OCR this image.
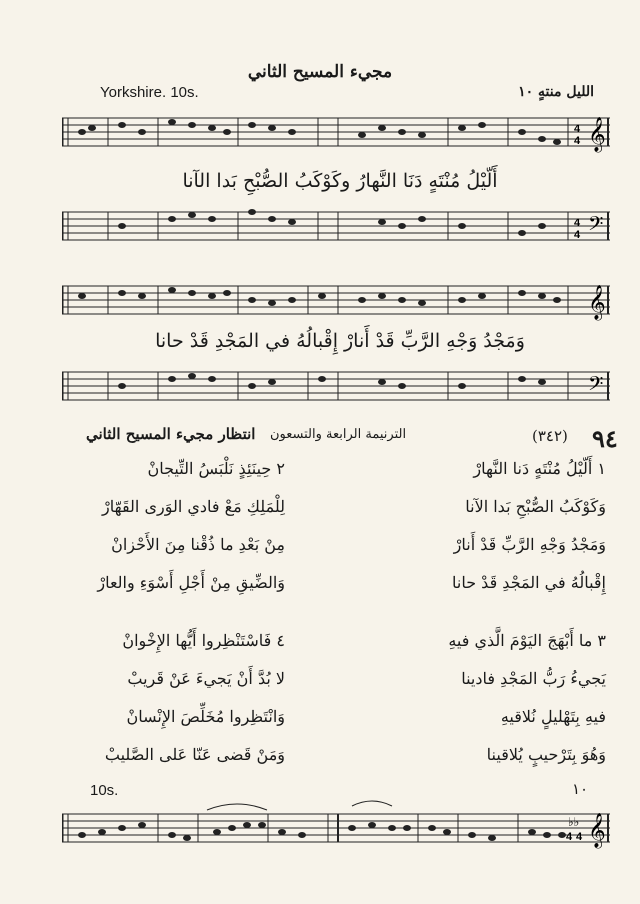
مجيء المسيح الثاني
Yorkshire. 10s.	الليل منتهٍ ١٠
𝄞
4
4
𝄢
4
4
أَلّيْلُ مُنْتَهٍ دَنَا النَّهارُ وكَوْكَبُ الصُّبْحِ بَدا الآنا
𝄞
𝄢
وَمَجْدُ وَجْهِ الرَّبِّ قَدْ أَنارْ إِقْبالُهُ في المَجْدِ قَدْ حانا
٩٤
(٣٤٢)
الترنيمة الرابعة والتسعون
انتظار مجيء المسيح الثاني
١ أَلّيْلُ مُنْتَهٍ دَنا النَّهارْ
وَكَوْكَبُ الصُّبْحِ بَدا الآنا
وَمَجْدُ وَجْهِ الرَّبِّ قَدْ أَنارْ
إِقْبالُهُ في المَجْدِ قَدْ حانا
٢ حِينَئِذٍ نَلْبَسُ التِّيجانْ
لِلْمَلِكِ مَعْ فادي الوَرى القَهّارْ
مِنْ بَعْدِ ما ذُقْنا مِنَ الأَحْزانْ
وَالضِّيقِ مِنْ أَجْلِ أَسْوَءِ والعارْ
٣ ما أَبْهَجَ اليَوْمَ الَّذي فيهِ
يَجيءُ رَبُّ المَجْدِ فادينا
فيهِ بِتَهْليلٍ نُلاقيهِ
وَهُوَ بِتَرْحيبٍ يُلاقينا
٤ فَاسْتَنْظِروا أَيُّها الإِخْوانْ
لا بُدَّ أَنْ يَجيءَ عَنْ قَريبْ
وَانْتَظِروا مُخَلِّصَ الإِنْسانْ
وَمَنْ قَضى عَنّا عَلى الصَّليبْ
10s.	١٠
𝄞
♭♭
4 4
